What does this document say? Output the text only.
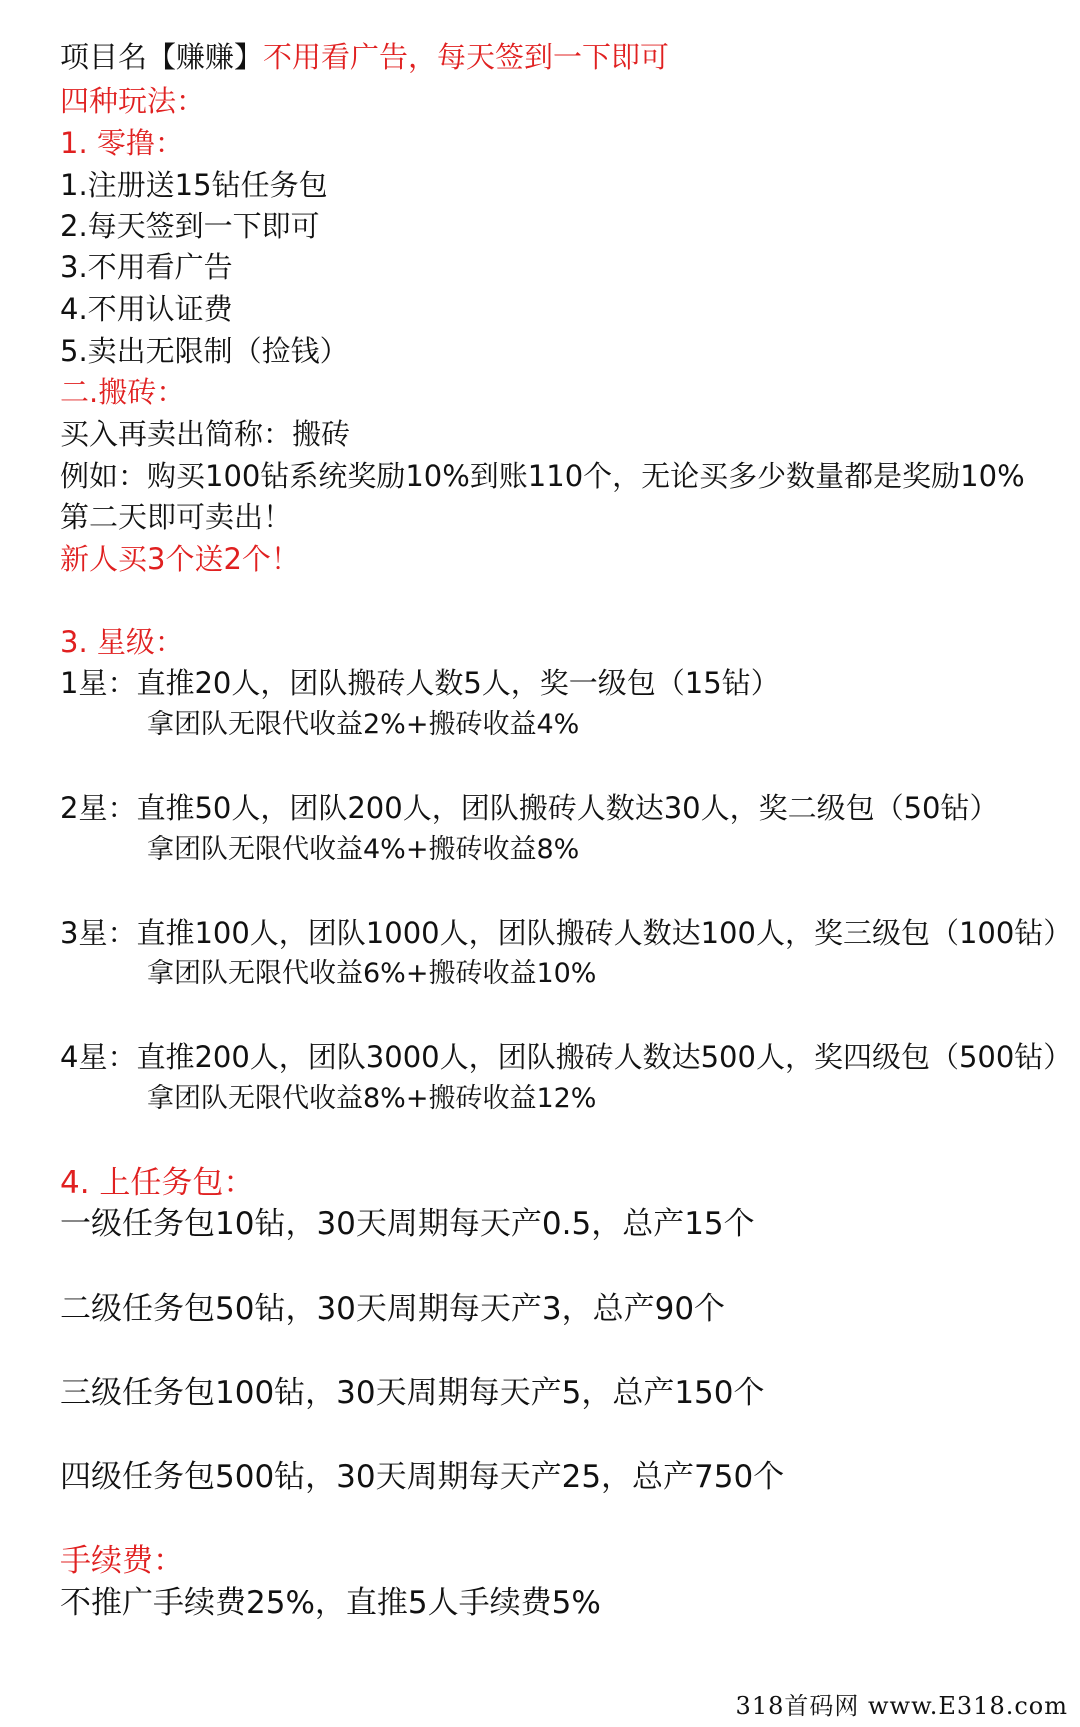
项目名【赚赚】不用看广告，每天签到一下即可
四种玩法：
1. 零撸：
1.注册送15钻任务包
2.每天签到一下即可
3.不用看广告
4.不用认证费
5.卖出无限制（捡钱）
二.搬砖：
买入再卖出简称：搬砖
例如：购买100钻系统奖励10%到账110个，无论买多少数量都是奖励10%
第二天即可卖出！
新人买3个送2个！
3. 星级：
1星：直推20人，团队搬砖人数5人，奖一级包（15钻）
拿团队无限代收益2%+搬砖收益4%
2星：直推50人，团队200人，团队搬砖人数达30人，奖二级包（50钻）
拿团队无限代收益4%+搬砖收益8%
3星：直推100人，团队1000人，团队搬砖人数达100人，奖三级包（100钻）
拿团队无限代收益6%+搬砖收益10%
4星：直推200人，团队3000人，团队搬砖人数达500人，奖四级包（500钻）
拿团队无限代收益8%+搬砖收益12%
4. 上任务包：
一级任务包10钻，30天周期每天产0.5，总产15个
二级任务包50钻，30天周期每天产3，总产90个
三级任务包100钻，30天周期每天产5，总产150个
四级任务包500钻，30天周期每天产25，总产750个
手续费：
不推广手续费25%，直推5人手续费5%
318首码网 www.E318.com
